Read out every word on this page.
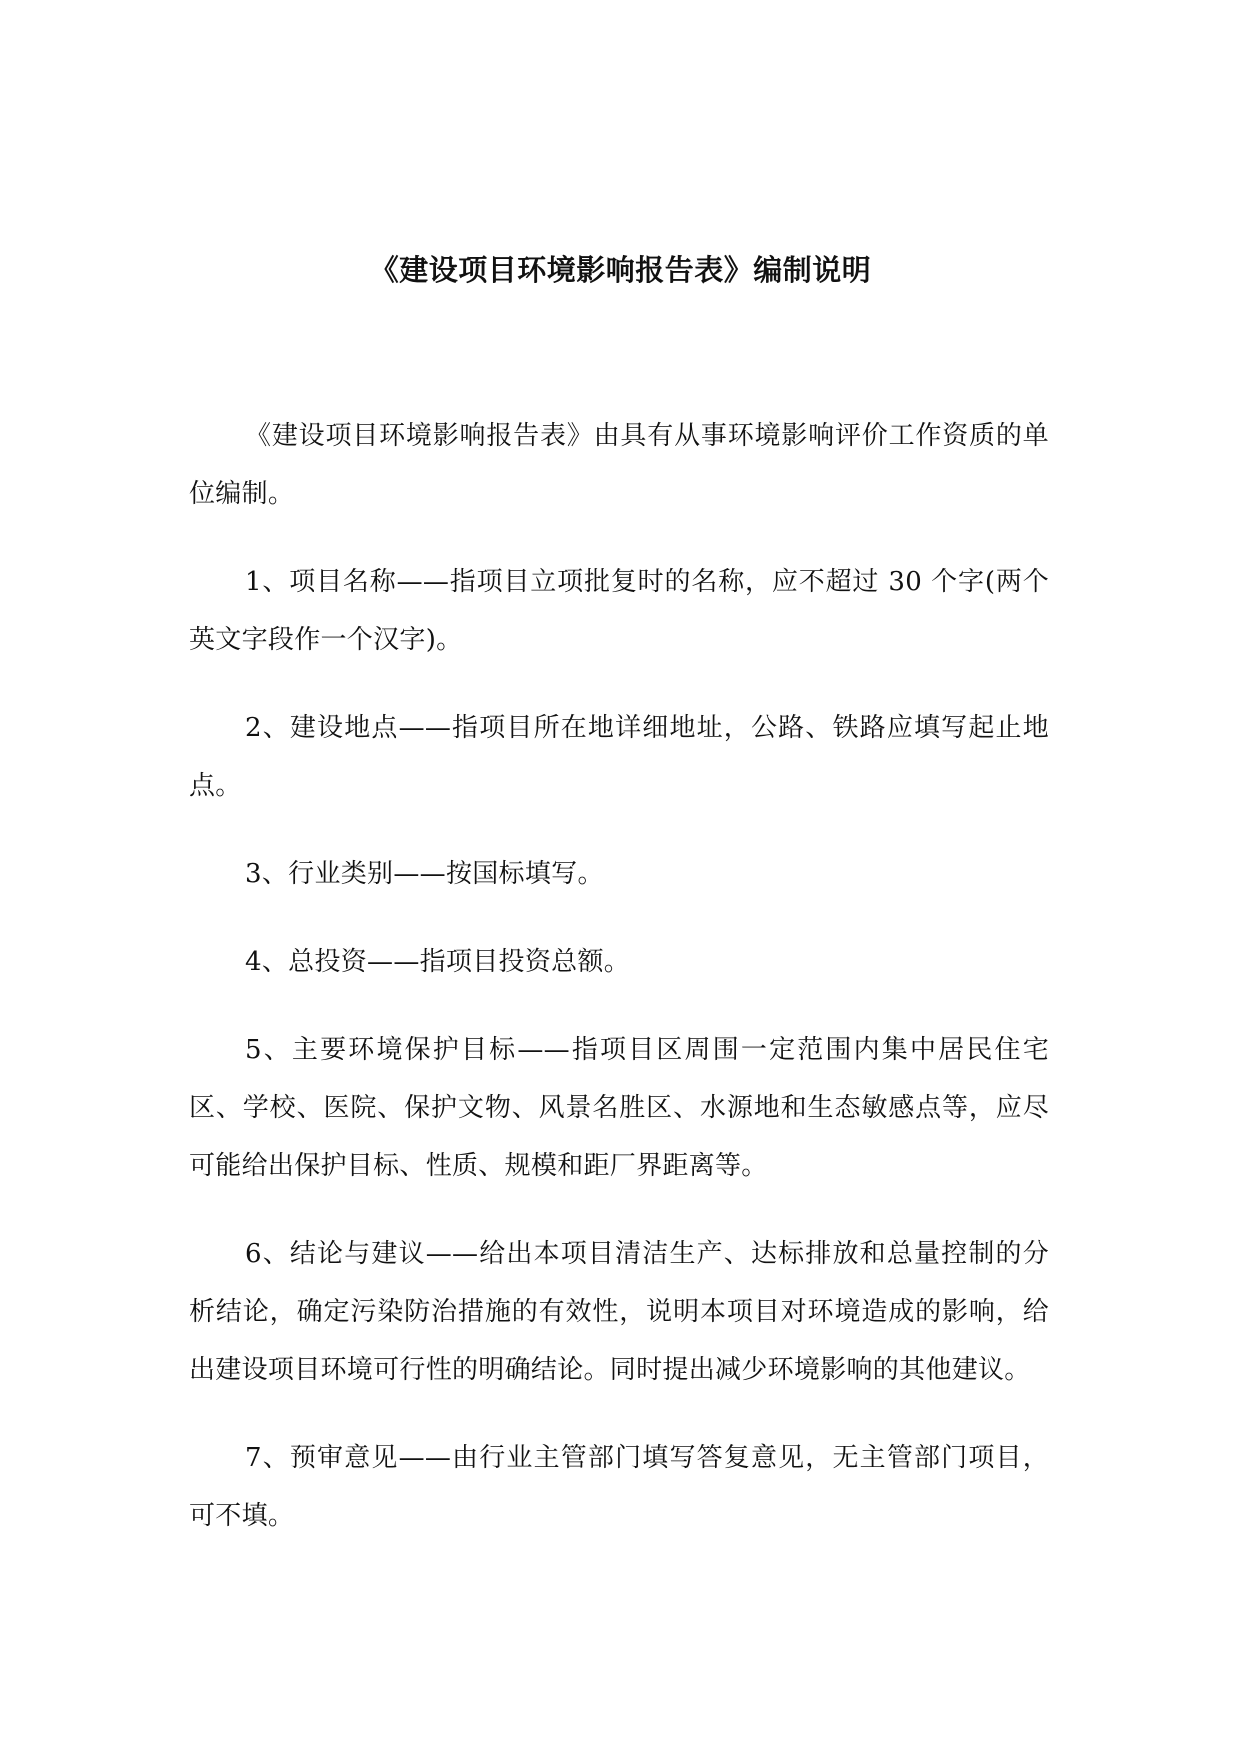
《建设项目环境影响报告表》编制说明

《建设项目环境影响报告表》由具有从事环境影响评价工作资质的单位编制。

1、项目名称——指项目立项批复时的名称，应不超过 30 个字(两个英文字段作一个汉字)。

2、建设地点——指项目所在地详细地址，公路、铁路应填写起止地点。

3、行业类别——按国标填写。

4、总投资——指项目投资总额。

5、主要环境保护目标——指项目区周围一定范围内集中居民住宅区、学校、医院、保护文物、风景名胜区、水源地和生态敏感点等，应尽可能给出保护目标、性质、规模和距厂界距离等。

6、结论与建议——给出本项目清洁生产、达标排放和总量控制的分析结论，确定污染防治措施的有效性，说明本项目对环境造成的影响，给出建设项目环境可行性的明确结论。同时提出减少环境影响的其他建议。

7、预审意见——由行业主管部门填写答复意见，无主管部门项目，可不填。
